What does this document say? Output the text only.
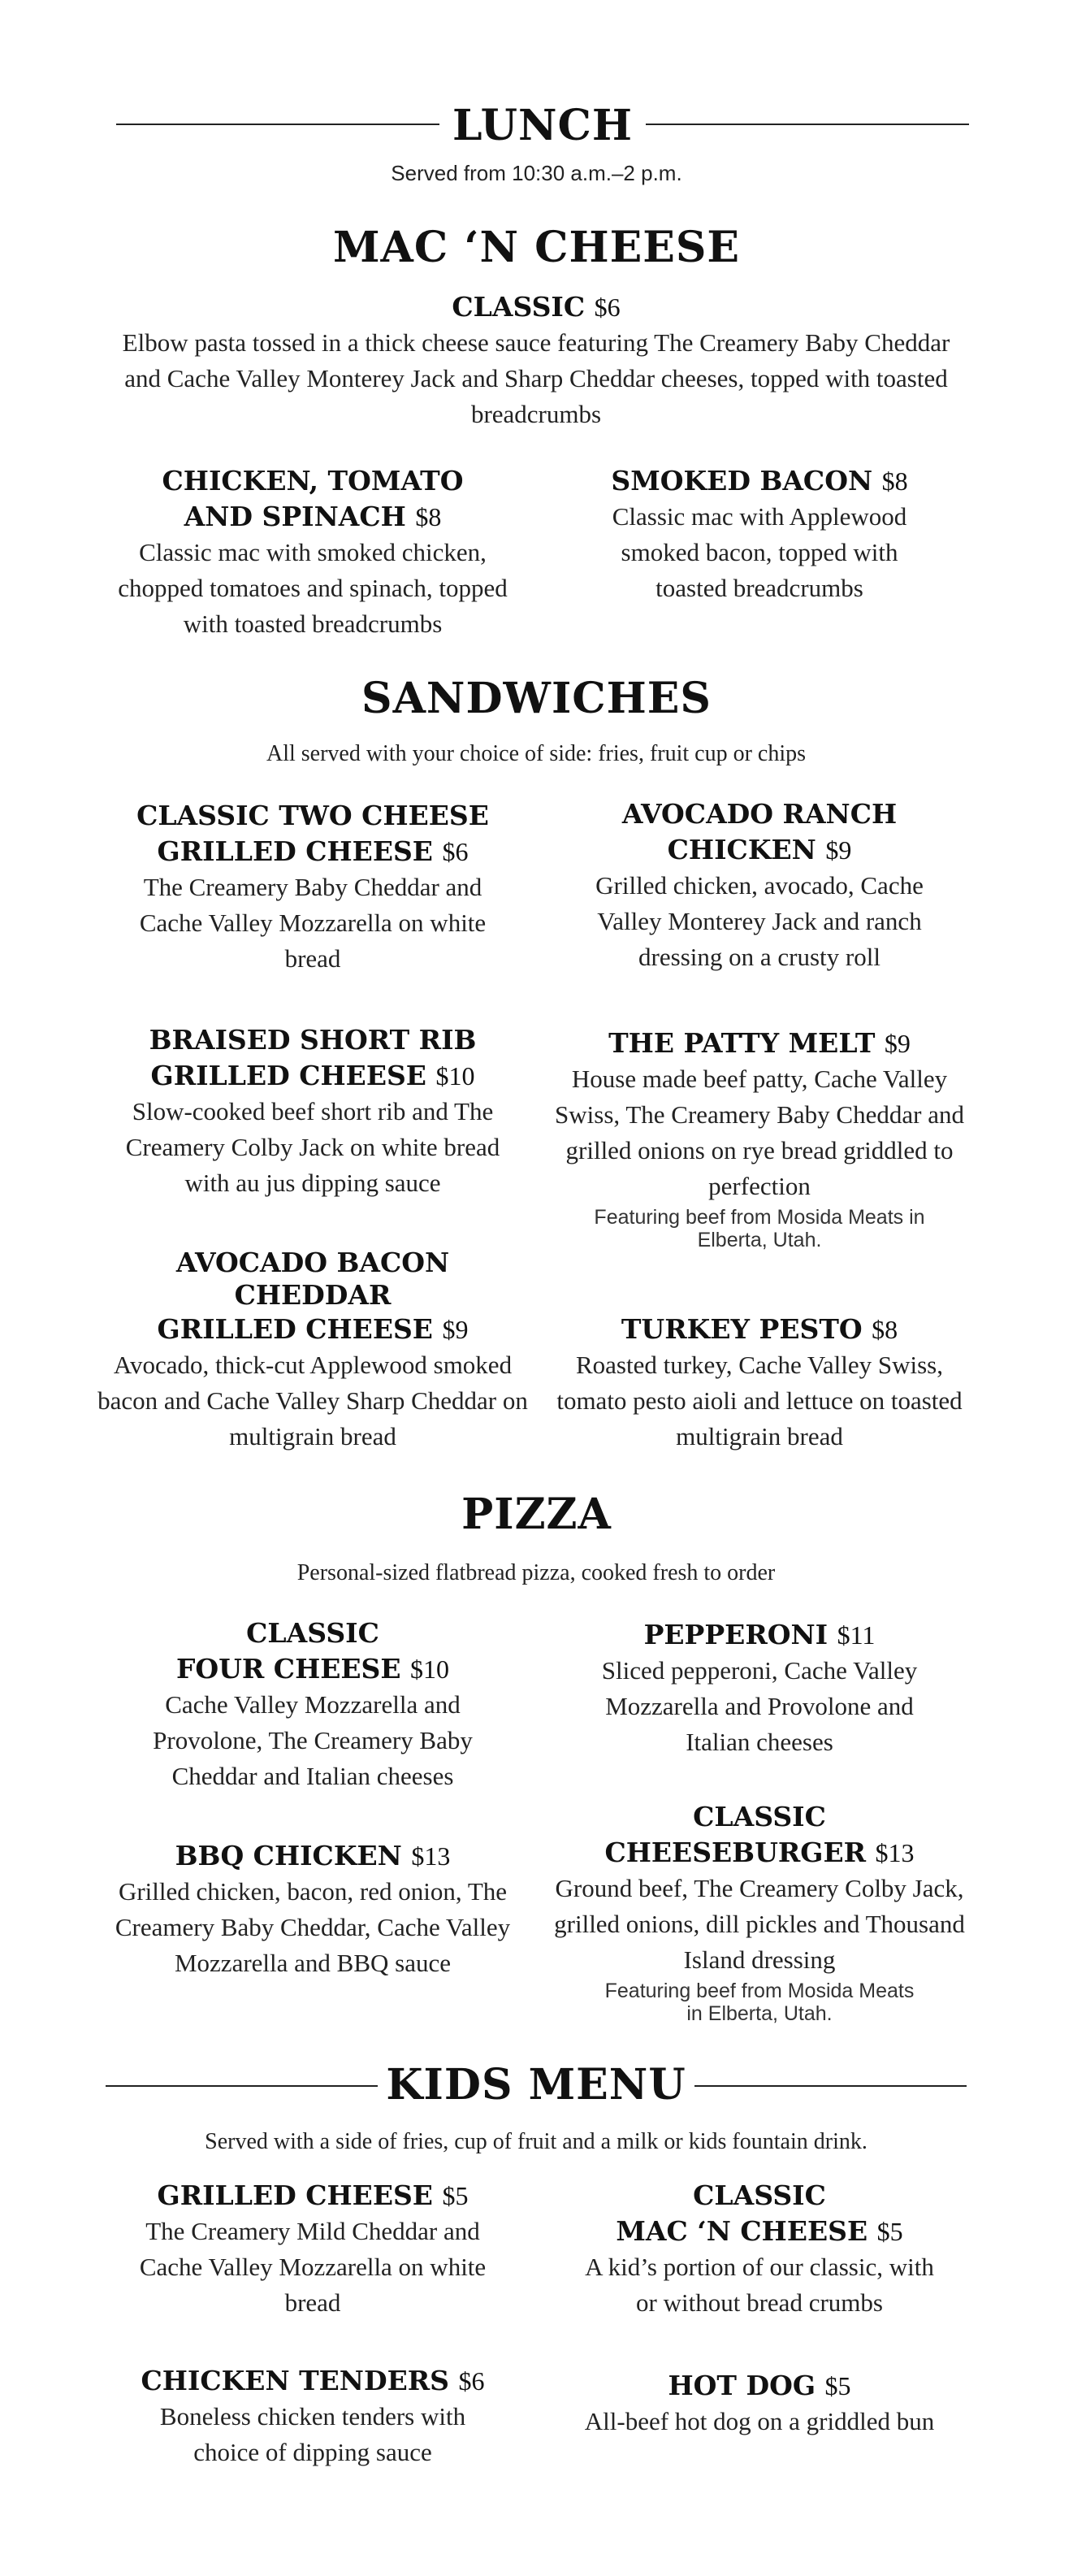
LUNCH
Served from 10:30 a.m.–2 p.m.
MAC ‘N CHEESE
CLASSIC $6
Elbow pasta tossed in a thick cheese sauce featuring The Creamery Baby Cheddar and Cache Valley Monterey Jack and Sharp Cheddar cheeses, topped with toasted breadcrumbs
CHICKEN, TOMATO
AND SPINACH $8
Classic mac with smoked chicken, chopped tomatoes and spinach, topped with toasted breadcrumbs
SMOKED BACON $8
Classic mac with Applewood smoked bacon, topped with toasted breadcrumbs
SANDWICHES
All served with your choice of side: fries, fruit cup or chips
CLASSIC TWO CHEESE
GRILLED CHEESE $6
The Creamery Baby Cheddar and Cache Valley Mozzarella on white bread
AVOCADO RANCH
CHICKEN $9
Grilled chicken, avocado, Cache Valley Monterey Jack and ranch dressing on a crusty roll
BRAISED SHORT RIB
GRILLED CHEESE $10
Slow-cooked beef short rib and The Creamery Colby Jack on white bread with au jus dipping sauce
THE PATTY MELT $9
House made beef patty, Cache Valley Swiss, The Creamery Baby Cheddar and grilled onions on rye bread griddled to perfection
Featuring beef from Mosida Meats in Elberta, Utah.
AVOCADO BACON
CHEDDAR
GRILLED CHEESE $9
Avocado, thick-cut Applewood smoked bacon and Cache Valley Sharp Cheddar on multigrain bread
TURKEY PESTO $8
Roasted turkey, Cache Valley Swiss, tomato pesto aioli and lettuce on toasted multigrain bread
PIZZA
Personal-sized flatbread pizza, cooked fresh to order
CLASSIC
FOUR CHEESE $10
Cache Valley Mozzarella and Provolone, The Creamery Baby Cheddar and Italian cheeses
PEPPERONI $11
Sliced pepperoni, Cache Valley Mozzarella and Provolone and Italian cheeses
BBQ CHICKEN $13
Grilled chicken, bacon, red onion, The Creamery Baby Cheddar, Cache Valley Mozzarella and BBQ sauce
CLASSIC
CHEESEBURGER $13
Ground beef, The Creamery Colby Jack, grilled onions, dill pickles and Thousand Island dressing
Featuring beef from Mosida Meats in Elberta, Utah.
KIDS MENU
Served with a side of fries, cup of fruit and a milk or kids fountain drink.
GRILLED CHEESE $5
The Creamery Mild Cheddar and Cache Valley Mozzarella on white bread
CLASSIC
MAC ‘N CHEESE $5
A kid’s portion of our classic, with or without bread crumbs
CHICKEN TENDERS $6
Boneless chicken tenders with choice of dipping sauce
HOT DOG $5
All-beef hot dog on a griddled bun
